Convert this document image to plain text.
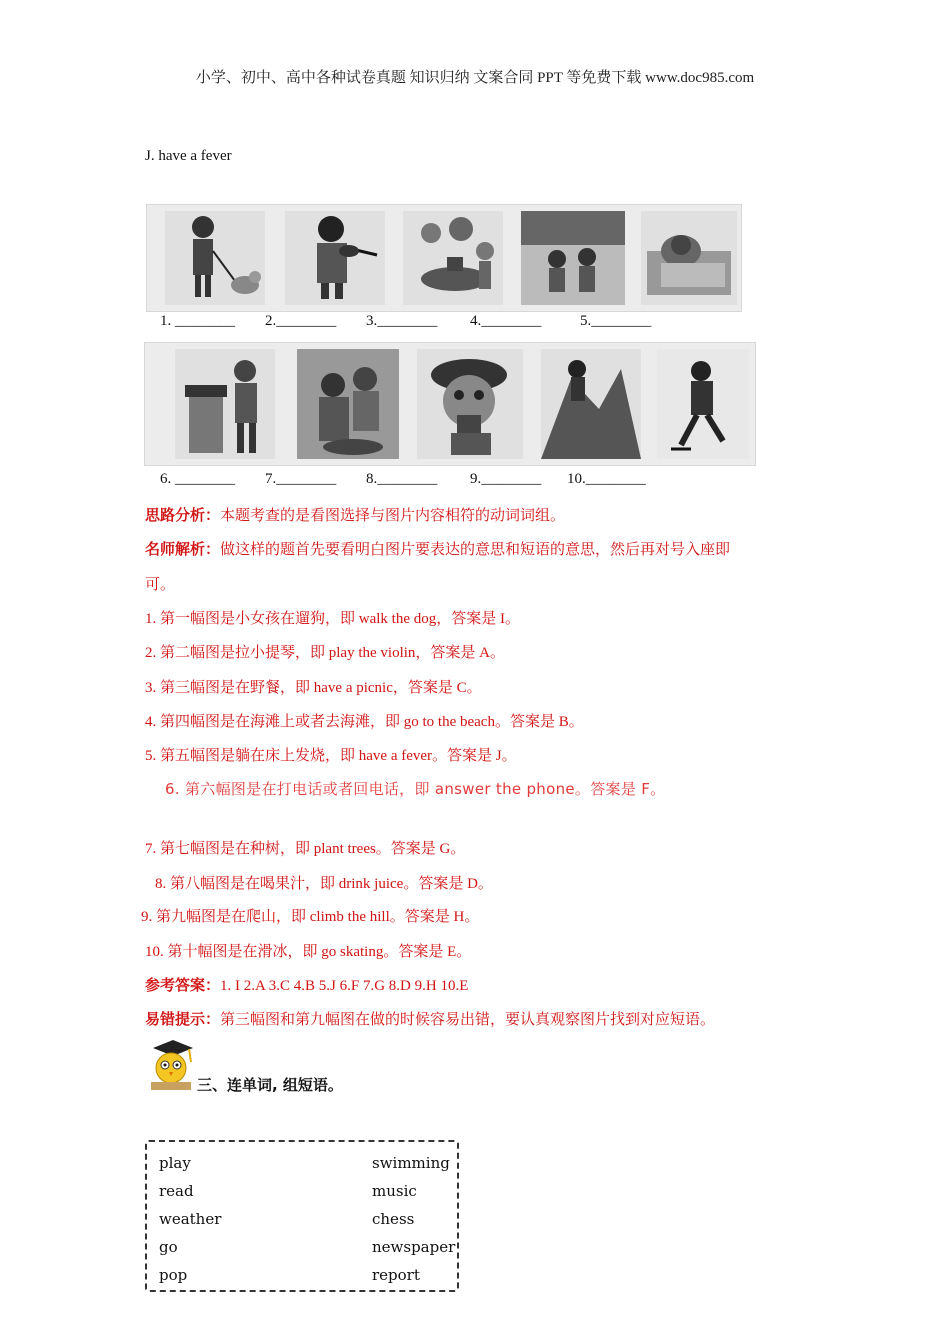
小学、初中、高中各种试卷真题 知识归纳 文案合同 PPT 等免费下载 www.doc985.com
J. have a fever
1. ________ 2.________ 3.________ 4.________	5.________
6. ________ 7.________ 8.________ 9.________ 10.________
思路分析：本题考查的是看图选择与图片内容相符的动词词组。
名师解析：做这样的题首先要看明白图片要表达的意思和短语的意思，然后再对号入座即
可。
1. 第一幅图是小女孩在遛狗，即 walk the dog，答案是 I。
2. 第二幅图是拉小提琴，即 play the violin，答案是 A。
3. 第三幅图是在野餐，即 have a picnic，答案是 C。
4. 第四幅图是在海滩上或者去海滩，即 go to the beach。答案是 B。
5. 第五幅图是躺在床上发烧，即 have a fever。答案是 J。
6. 第六幅图是在打电话或者回电话，即 answer the phone。答案是 F。
7. 第七幅图是在种树，即 plant trees。答案是 G。
8. 第八幅图是在喝果汁，即 drink juice。答案是 D。
9. 第九幅图是在爬山，即 climb the hill。答案是 H。
10. 第十幅图是在滑冰，即 go skating。答案是 E。
参考答案：1. I 2.A 3.C 4.B 5.J 6.F 7.G 8.D 9.H 10.E
易错提示：第三幅图和第九幅图在做的时候容易出错，要认真观察图片找到对应短语。
三、连单词, 组短语。
play
read
weather
go
pop
swimming
music
chess
newspaper
report
